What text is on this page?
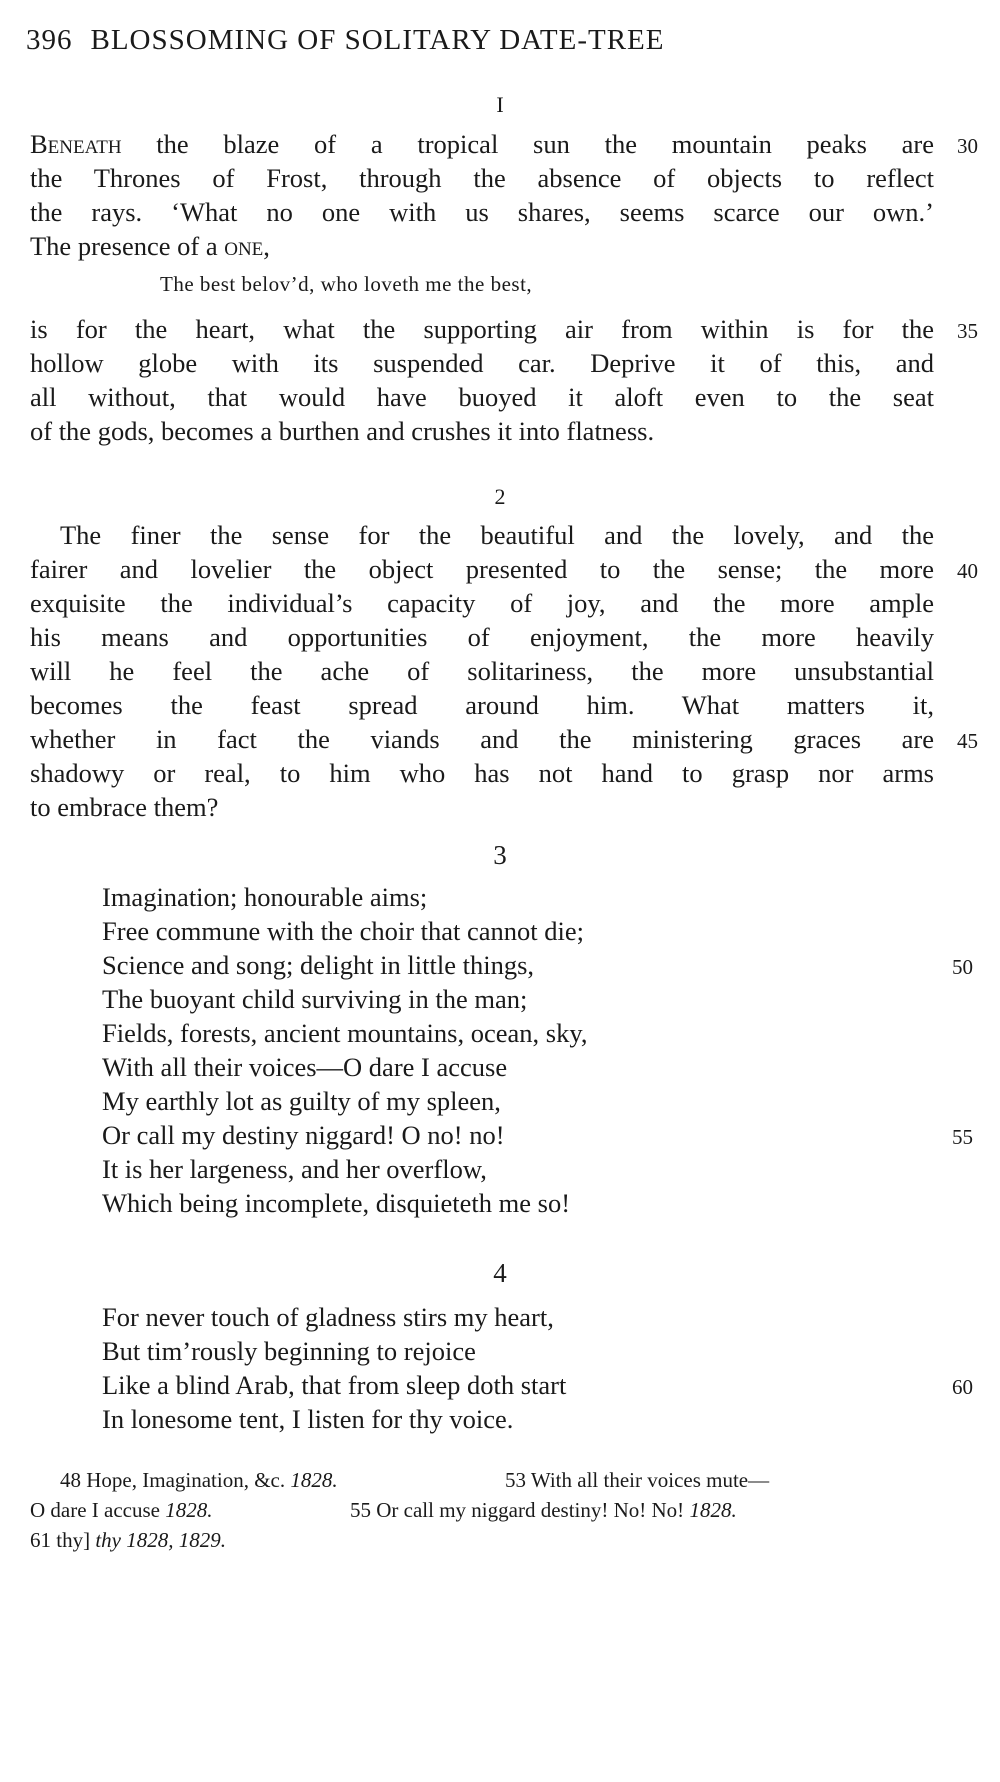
396 BLOSSOMING OF SOLITARY DATE-TREE
I
Beneath the blaze of a tropical sun the mountain peaks are 30
the Thrones of Frost, through the absence of objects to reflect
the rays. ‘What no one with us shares, seems scarce our own.’
The presence of a one,
The best belov’d, who loveth me the best,
is for the heart, what the supporting air from within is for the 35
hollow globe with its suspended car. Deprive it of this, and
all without, that would have buoyed it aloft even to the seat
of the gods, becomes a burthen and crushes it into flatness.
2
The finer the sense for the beautiful and the lovely, and the
fairer and lovelier the object presented to the sense; the more 40
exquisite the individual’s capacity of joy, and the more ample
his means and opportunities of enjoyment, the more heavily
will he feel the ache of solitariness, the more unsubstantial
becomes the feast spread around him. What matters it,
whether in fact the viands and the ministering graces are 45
shadowy or real, to him who has not hand to grasp nor arms
to embrace them?
3
Imagination; honourable aims;
Free commune with the choir that cannot die;
Science and song; delight in little things,	50
The buoyant child surviving in the man;
Fields, forests, ancient mountains, ocean, sky,
With all their voices—O dare I accuse
My earthly lot as guilty of my spleen,
Or call my destiny niggard! O no! no!	55
It is her largeness, and her overflow,
Which being incomplete, disquieteth me so!
4
For never touch of gladness stirs my heart,
But tim’rously beginning to rejoice
Like a blind Arab, that from sleep doth start	60
In lonesome tent, I listen for thy voice.
48 Hope, Imagination, &c. 1828.	53 With all their voices mute—
O dare I accuse 1828.	55 Or call my niggard destiny! No! No! 1828.
61 thy] thy 1828, 1829.
